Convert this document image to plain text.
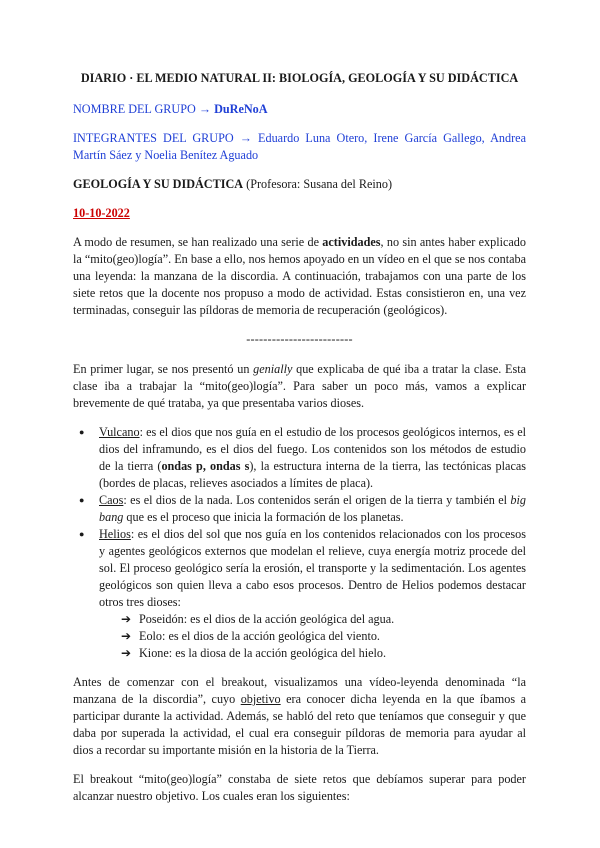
DIARIO · EL MEDIO NATURAL II: BIOLOGÍA, GEOLOGÍA Y SU DIDÁCTICA
NOMBRE DEL GRUPO → DuReNoA
INTEGRANTES DEL GRUPO → Eduardo Luna Otero, Irene García Gallego, Andrea Martín Sáez y Noelia Benítez Aguado
GEOLOGÍA Y SU DIDÁCTICA (Profesora: Susana del Reino)
10-10-2022
A modo de resumen, se han realizado una serie de actividades, no sin antes haber explicado la “mito(geo)logía”. En base a ello, nos hemos apoyado en un vídeo en el que se nos contaba una leyenda: la manzana de la discordia. A continuación, trabajamos con una parte de los siete retos que la docente nos propuso a modo de actividad. Estas consistieron en, una vez terminadas, conseguir las píldoras de memoria de recuperación (geológicos).
-------------------------
En primer lugar, se nos presentó un genially que explicaba de qué iba a tratar la clase. Esta clase iba a trabajar la “mito(geo)logía”. Para saber un poco más, vamos a explicar brevemente de qué trataba, ya que presentaba varios dioses.
● Vulcano: es el dios que nos guía en el estudio de los procesos geológicos internos, es el dios del inframundo, es el dios del fuego. Los contenidos son los métodos de estudio de la tierra (ondas p, ondas s), la estructura interna de la tierra, las tectónicas placas (bordes de placas, relieves asociados a límites de placa).
● Caos: es el dios de la nada. Los contenidos serán el origen de la tierra y también el big bang que es el proceso que inicia la formación de los planetas.
● Helios: es el dios del sol que nos guía en los contenidos relacionados con los procesos y agentes geológicos externos que modelan el relieve, cuya energía motriz procede del sol. El proceso geológico sería la erosión, el transporte y la sedimentación. Los agentes geológicos son quien lleva a cabo esos procesos. Dentro de Helios podemos destacar otros tres dioses:
➔ Poseidón: es el dios de la acción geológica del agua.
➔ Eolo: es el dios de la acción geológica del viento.
➔ Kione: es la diosa de la acción geológica del hielo.
Antes de comenzar con el breakout, visualizamos una vídeo-leyenda denominada “la manzana de la discordia”, cuyo objetivo era conocer dicha leyenda en la que íbamos a participar durante la actividad. Además, se habló del reto que teníamos que conseguir y que daba por superada la actividad, el cual era conseguir píldoras de memoria para ayudar al dios a recordar su importante misión en la historia de la Tierra.
El breakout “mito(geo)logía” constaba de siete retos que debíamos superar para poder alcanzar nuestro objetivo. Los cuales eran los siguientes:
